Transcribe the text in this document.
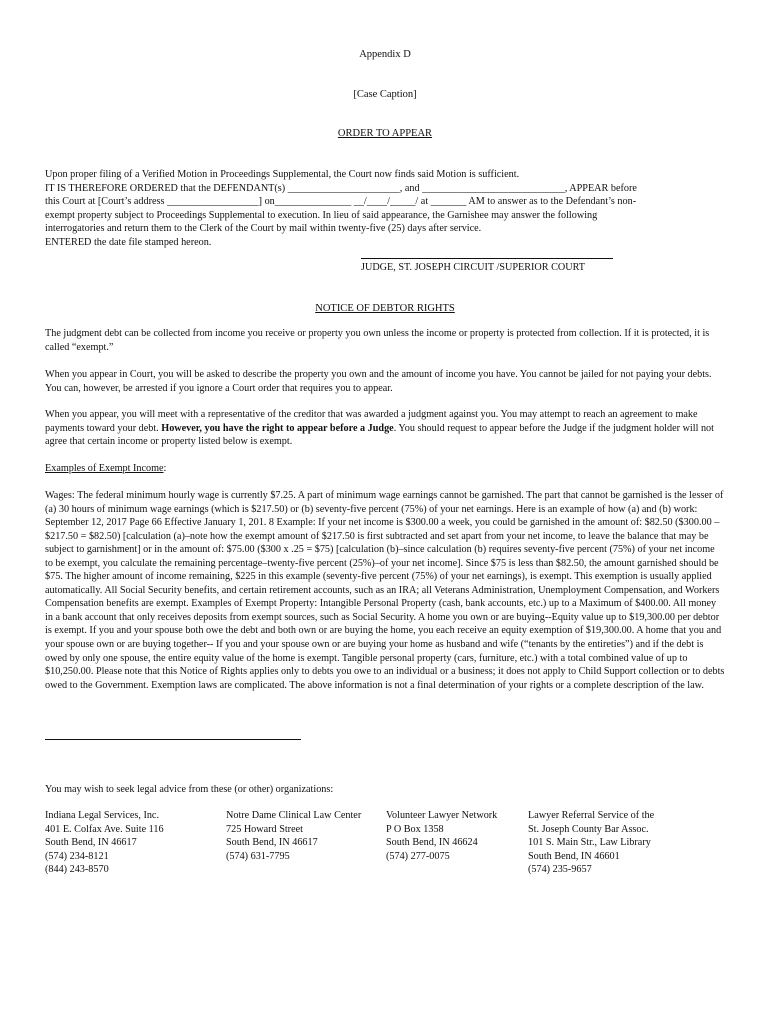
Appendix D
[Case Caption]
ORDER TO APPEAR

Upon proper filing of a Verified Motion in Proceedings Supplemental, the Court now finds said Motion is sufficient.

IT IS THEREFORE ORDERED that the DEFENDANT(s) ______________________, and ____________________________, APPEAR before

this Court at [Court’s address __________________] on_______________ __/____/_____/ at _______ AM to answer as to the Defendant’s non-

exempt property subject to Proceedings Supplemental to execution. In lieu of said appearance, the Garnishee may answer the following

interrogatories and return them to the Clerk of the Court by mail within twenty-five (25) days after service.

ENTERED the date file stamped hereon.

JUDGE, ST. JOSEPH CIRCUIT /SUPERIOR COURT
NOTICE OF DEBTOR RIGHTS
The judgment debt can be collected from income you receive or property you own unless the income or property is protected from collection. If it is protected, it is called “exempt.”
When you appear in Court, you will be asked to describe the property you own and the amount of income you have. You cannot be jailed for not paying your debts. You can, however, be arrested if you ignore a Court order that requires you to appear.
When you appear, you will meet with a representative of the creditor that was awarded a judgment against you. You may attempt to reach an agreement to make payments toward your debt. However, you have the right to appear before a Judge. You should request to appear before the Judge if the judgment holder will not agree that certain income or property listed below is exempt.
Examples of Exempt Income:
Wages: The federal minimum hourly wage is currently $7.25. A part of minimum wage earnings cannot be garnished. The part that cannot be garnished is the lesser of (a) 30 hours of minimum wage earnings (which is $217.50) or (b) seventy-five percent (75%) of your net earnings. Here is an example of how (a) and (b) work: September 12, 2017 Page 66 Effective January 1, 201. 8 Example: If your net income is $300.00 a week, you could be garnished in the amount of: $82.50 ($300.00 – $217.50 = $82.50) [calculation (a)–note how the exempt amount of $217.50 is first subtracted and set apart from your net income, to leave the balance that may be subject to garnishment] or in the amount of: $75.00 ($300 x .25 = $75) [calculation (b)–since calculation (b) requires seventy-five percent (75%) of your net income to be exempt, you calculate the remaining percentage–twenty-five percent (25%)–of your net income]. Since $75 is less than $82.50, the amount garnished should be $75. The higher amount of income remaining, $225 in this example (seventy-five percent (75%) of your net earnings), is exempt. This exemption is usually applied automatically. All Social Security benefits, and certain retirement accounts, such as an IRA; all Veterans Administration, Unemployment Compensation, and Workers Compensation benefits are exempt. Examples of Exempt Property: Intangible Personal Property (cash, bank accounts, etc.) up to a Maximum of $400.00. All money in a bank account that only receives deposits from exempt sources, such as Social Security. A home you own or are buying--Equity value up to $19,300.00 per debtor is exempt. If you and your spouse both owe the debt and both own or are buying the home, you each receive an equity exemption of $19,300.00. A home that you and your spouse own or are buying together-- If you and your spouse own or are buying your home as husband and wife (“tenants by the entireties”) and if the debt is owed by only one spouse, the entire equity value of the home is exempt. Tangible personal property (cars, furniture, etc.) with a total combined value of up to $10,250.00. Please note that this Notice of Rights applies only to debts you owe to an individual or a business; it does not apply to Child Support collection or to debts owed to the Government. Exemption laws are complicated. The above information is not a final determination of your rights or a complete description of the law.
You may wish to seek legal advice from these (or other) organizations:
Indiana Legal Services, Inc.
401 E. Colfax Ave. Suite 116
South Bend, IN 46617
(574) 234-8121
(844) 243-8570
Notre Dame Clinical Law Center
725 Howard Street
South Bend, IN 46617
(574) 631-7795
Volunteer Lawyer Network
P O Box 1358
South Bend, IN 46624
(574) 277-0075
Lawyer Referral Service of the
St. Joseph County Bar Assoc.
101 S. Main Str., Law Library
South Bend, IN 46601
(574) 235-9657
